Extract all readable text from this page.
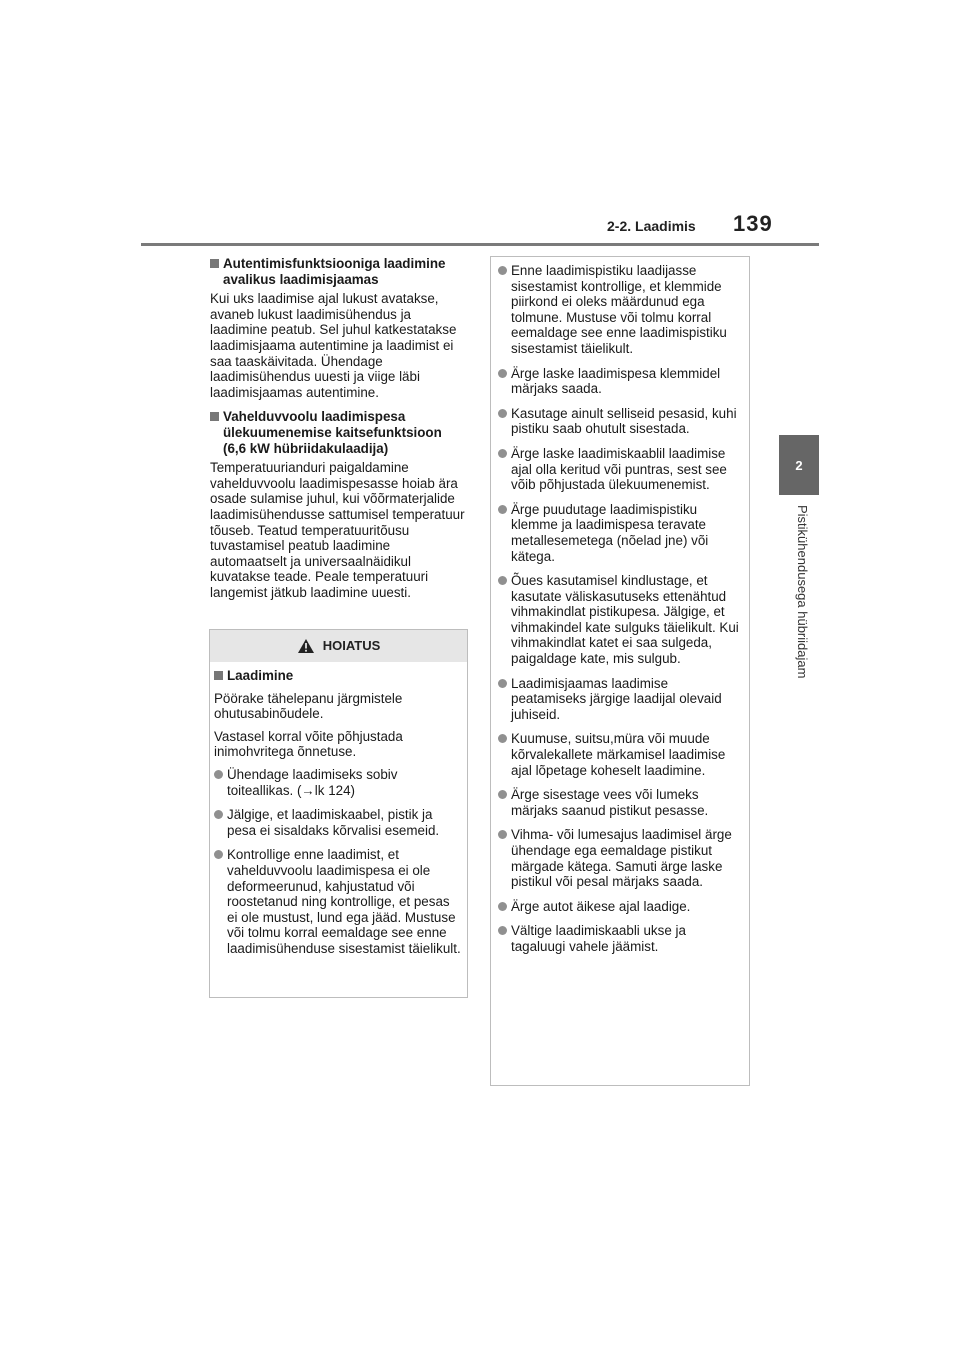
2-2. Laadimis 139
2
Pistikühendusega hübriidajam
Autentimisfunktsiooniga laadimine avalikus laadimisjaamas

Kui uks laadimise ajal lukust avatakse, avaneb lukust laadimisühendus ja laadimine peatub. Sel juhul katkestatakse laadimisjaama autentimine ja laadimist ei saa taaskäivitada. Ühendage laadimisühendus uuesti ja viige läbi laadimisjaamas autentimine.

Vahelduvvoolu laadimispesa ülekuumenemise kaitsefunktsioon (6,6 kW hübriidakulaadija)

Temperatuurianduri paigaldamine vahelduvvoolu laadimispesasse hoiab ära osade sulamise juhul, kui võõrmaterjalide laadimisühendusse sattumisel temperatuur tõuseb. Teatud temperatuuritõusu tuvastamisel peatub laadimine automaatselt ja universaalnäidikul kuvatakse teade. Peale temperatuuri langemist jätkub laadimine uuesti.

HOIATUS
Laadimine

Pöörake tähelepanu järgmistele ohutusabinõudele.

Vastasel korral võite põhjustada inimohvritega õnnetuse.

Ühendage laadimiseks sobiv toiteallikas. (→lk 124)
Jälgige, et laadimiskaabel, pistik ja pesa ei sisaldaks kõrvalisi esemeid.
Kontrollige enne laadimist, et vahelduvvoolu laadimispesa ei ole deformeerunud, kahjustatud või roostetanud ning kontrollige, et pesas ei ole mustust, lund ega jääd. Mustuse või tolmu korral eemaldage see enne laadimisühenduse sisestamist täielikult.
Enne laadimispistiku laadijasse sisestamist kontrollige, et klemmide piirkond ei oleks määrdunud ega tolmune. Mustuse või tolmu korral eemaldage see enne laadimispistiku sisestamist täielikult.
Ärge laske laadimispesa klemmidel märjaks saada.
Kasutage ainult selliseid pesasid, kuhi pistiku saab ohutult sisestada.
Ärge laske laadimiskaablil laadimise ajal olla keritud või puntras, sest see võib põhjustada ülekuumenemist.
Ärge puudutage laadimispistiku klemme ja laadimispesa teravate metallesemetega (nõelad jne) või kätega.
Õues kasutamisel kindlustage, et kasutate väliskasutuseks ettenähtud vihmakindlat pistikupesa. Jälgige, et vihmakindel kate sulguks täielikult. Kui vihmakindlat katet ei saa sulgeda, paigaldage kate, mis sulgub.
Laadimisjaamas laadimise peatamiseks järgige laadijal olevaid juhiseid.
Kuumuse, suitsu,müra või muude kõrvalekallete märkamisel laadimise ajal lõpetage koheselt laadimine.
Ärge sisestage vees või lumeks märjaks saanud pistikut pesasse.
Vihma- või lumesajus laadimisel ärge ühendage ega eemaldage pistikut märgade kätega. Samuti ärge laske pistikul või pesal märjaks saada.
Ärge autot äikese ajal laadige.
Vältige laadimiskaabli ukse ja tagaluugi vahele jäämist.
